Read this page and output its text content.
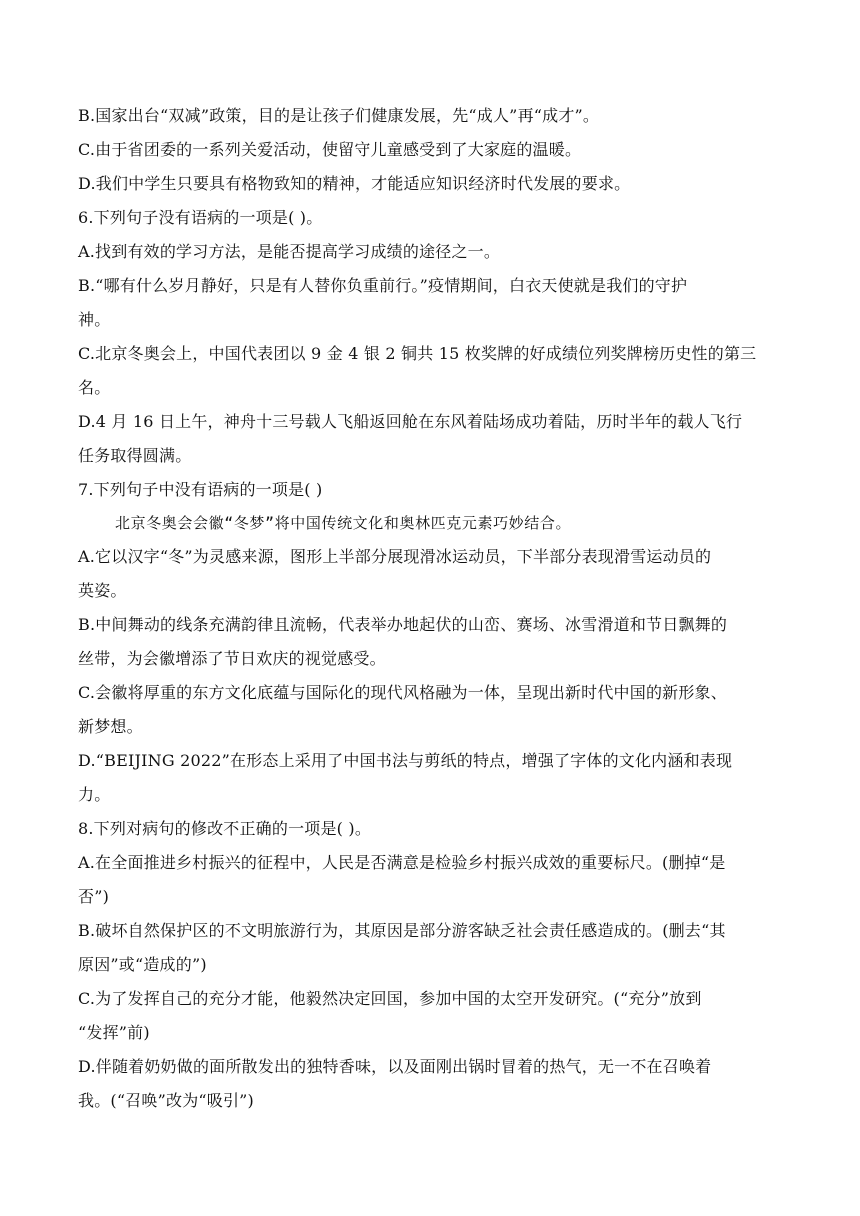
B.国家出台“双减”政策，目的是让孩子们健康发展，先“成人”再“成才”。
C.由于省团委的一系列关爱活动，使留守儿童感受到了大家庭的温暖。
D.我们中学生只要具有格物致知的精神，才能适应知识经济时代发展的要求。
6.下列句子没有语病的一项是( )。
A.找到有效的学习方法，是能否提高学习成绩的途径之一。
B.“哪有什么岁月静好，只是有人替你负重前行。”疫情期间，白衣天使就是我们的守护
神。
C.北京冬奥会上，中国代表团以 9 金 4 银 2 铜共 15 枚奖牌的好成绩位列奖牌榜历史性的第三
名。
D.4 月 16 日上午，神舟十三号载人飞船返回舱在东风着陆场成功着陆，历时半年的载人飞行
任务取得圆满。
7.下列句子中没有语病的一项是( )
北京冬奥会会徽“冬梦”将中国传统文化和奥林匹克元素巧妙结合。
A.它以汉字“冬”为灵感来源，图形上半部分展现滑冰运动员，下半部分表现滑雪运动员的
英姿。
B.中间舞动的线条充满韵律且流畅，代表举办地起伏的山峦、赛场、冰雪滑道和节日飘舞的
丝带，为会徽增添了节日欢庆的视觉感受。
C.会徽将厚重的东方文化底蕴与国际化的现代风格融为一体，呈现出新时代中国的新形象、
新梦想。
D.“BEIJING 2022”在形态上采用了中国书法与剪纸的特点，增强了字体的文化内涵和表现
力。
8.下列对病句的修改不正确的一项是( )。
A.在全面推进乡村振兴的征程中，人民是否满意是检验乡村振兴成效的重要标尺。(删掉“是
否”)
B.破坏自然保护区的不文明旅游行为，其原因是部分游客缺乏社会责任感造成的。(删去“其
原因”或“造成的”)
C.为了发挥自己的充分才能，他毅然决定回国，参加中国的太空开发研究。(“充分”放到
“发挥”前)
D.伴随着奶奶做的面所散发出的独特香味，以及面刚出锅时冒着的热气，无一不在召唤着
我。(“召唤”改为“吸引”)
